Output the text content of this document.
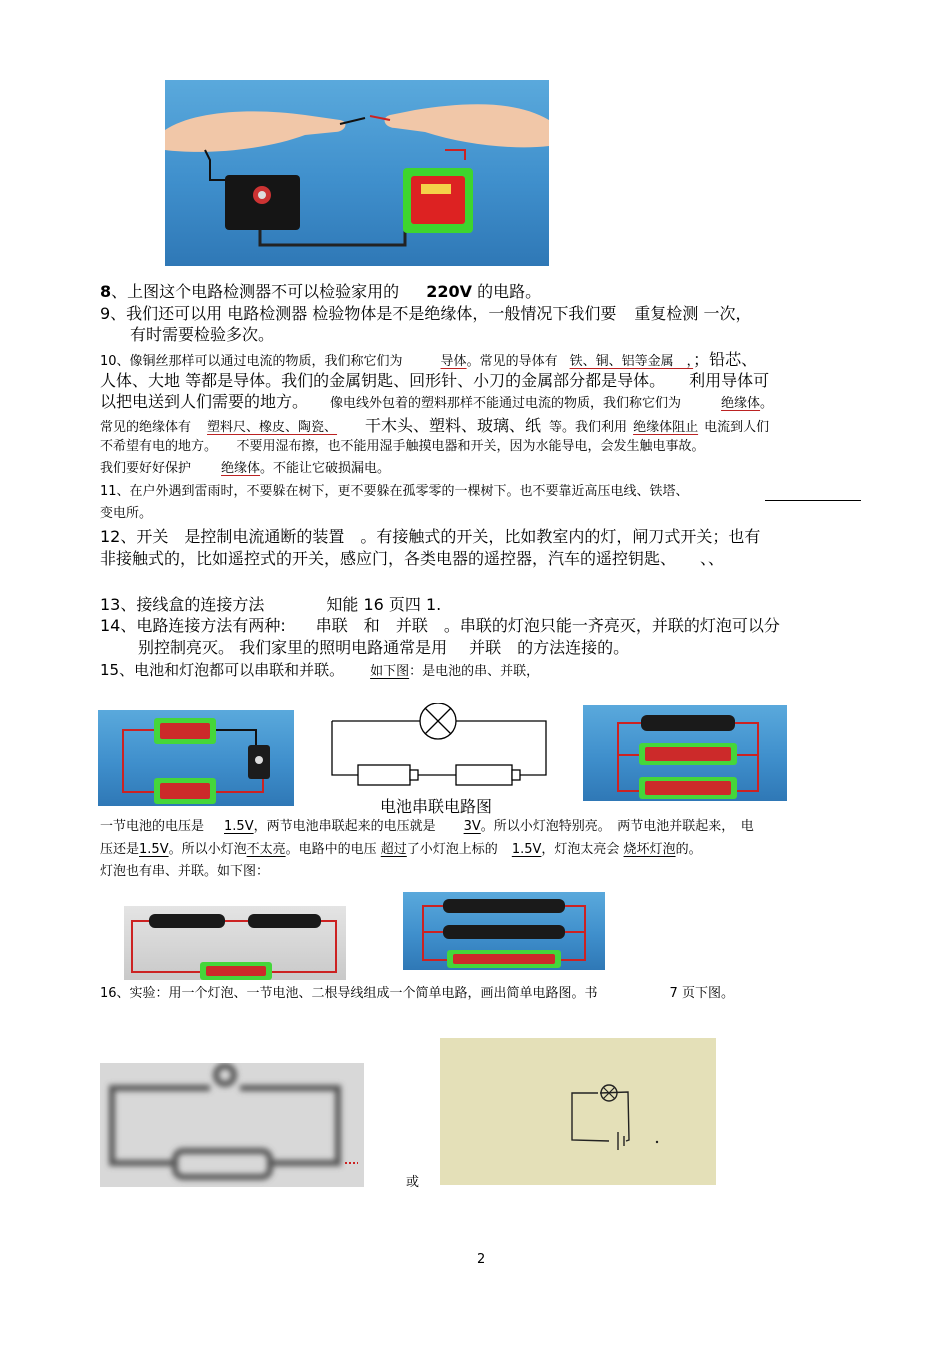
8、上图这个电路检测器不可以检验家用的 220V 的电路。
9、我们还可以用 电路检测器 检验物体是不是绝缘体，一般情况下我们要 重复检测 一次，
有时需要检验多次。
10、像铜丝那样可以通过电流的物质，我们称它们为	导体。常见的导体有 铁、铜、铝等金属　，；铅芯、
人体、大地 等都是导体。我们的金属钥匙、回形针、小刀的金属部分都是导体。　　利用导体可
以把电送到人们需要的地方。 像电线外包着的塑料那样不能通过电流的物质，我们称它们为	绝缘体。
常见的绝缘体有 塑料尺、橡皮、陶瓷、 干木头、塑料、玻璃、纸 等。我们利用 绝缘体阻止 电流到人们
不希望有电的地方。　　不要用湿布擦，也不能用湿手触摸电器和开关，因为水能导电，会发生触电事故。
我们要好好保护 绝缘体。不能让它破损漏电。
11、在户外遇到雷雨时，不要躲在树下，更不要躲在孤零零的一棵树下。也不要靠近高压电线、铁塔、
变电所。
12、开关　是控制电流通断的装置　。有接触式的开关，比如教室内的灯，闸刀式开关；也有
非接触式的，比如遥控式的开关，感应门，各类电器的遥控器，汽车的遥控钥匙、　　、、
13、接线盒的连接方法	知能 16 页四 1.
14、电路连接方法有两种: 串联　 和　 并联　 。串联的灯泡只能一齐亮灭，并联的灯泡可以分
别控制亮灭。 我们家里的照明电路通常是用 并联　 的方法连接的。
15、电池和灯泡都可以串联和并联。 如下图：是电池的串、并联，
电池串联电路图
一节电池的电压是 1.5V，两节电池串联起来的电压就是 3V。所以小灯泡特别亮。　两节电池并联起来，　电
压还是1.5V。所以小灯泡不太亮。电路中的电压 超过了小灯泡上标的 1.5V，灯泡太亮会 烧坏灯泡的。
灯泡也有串、并联。如下图：
16、实验：用一个灯泡、一节电池、二根导线组成一个简单电路，画出简单电路图。书	7 页下图。
或
2
